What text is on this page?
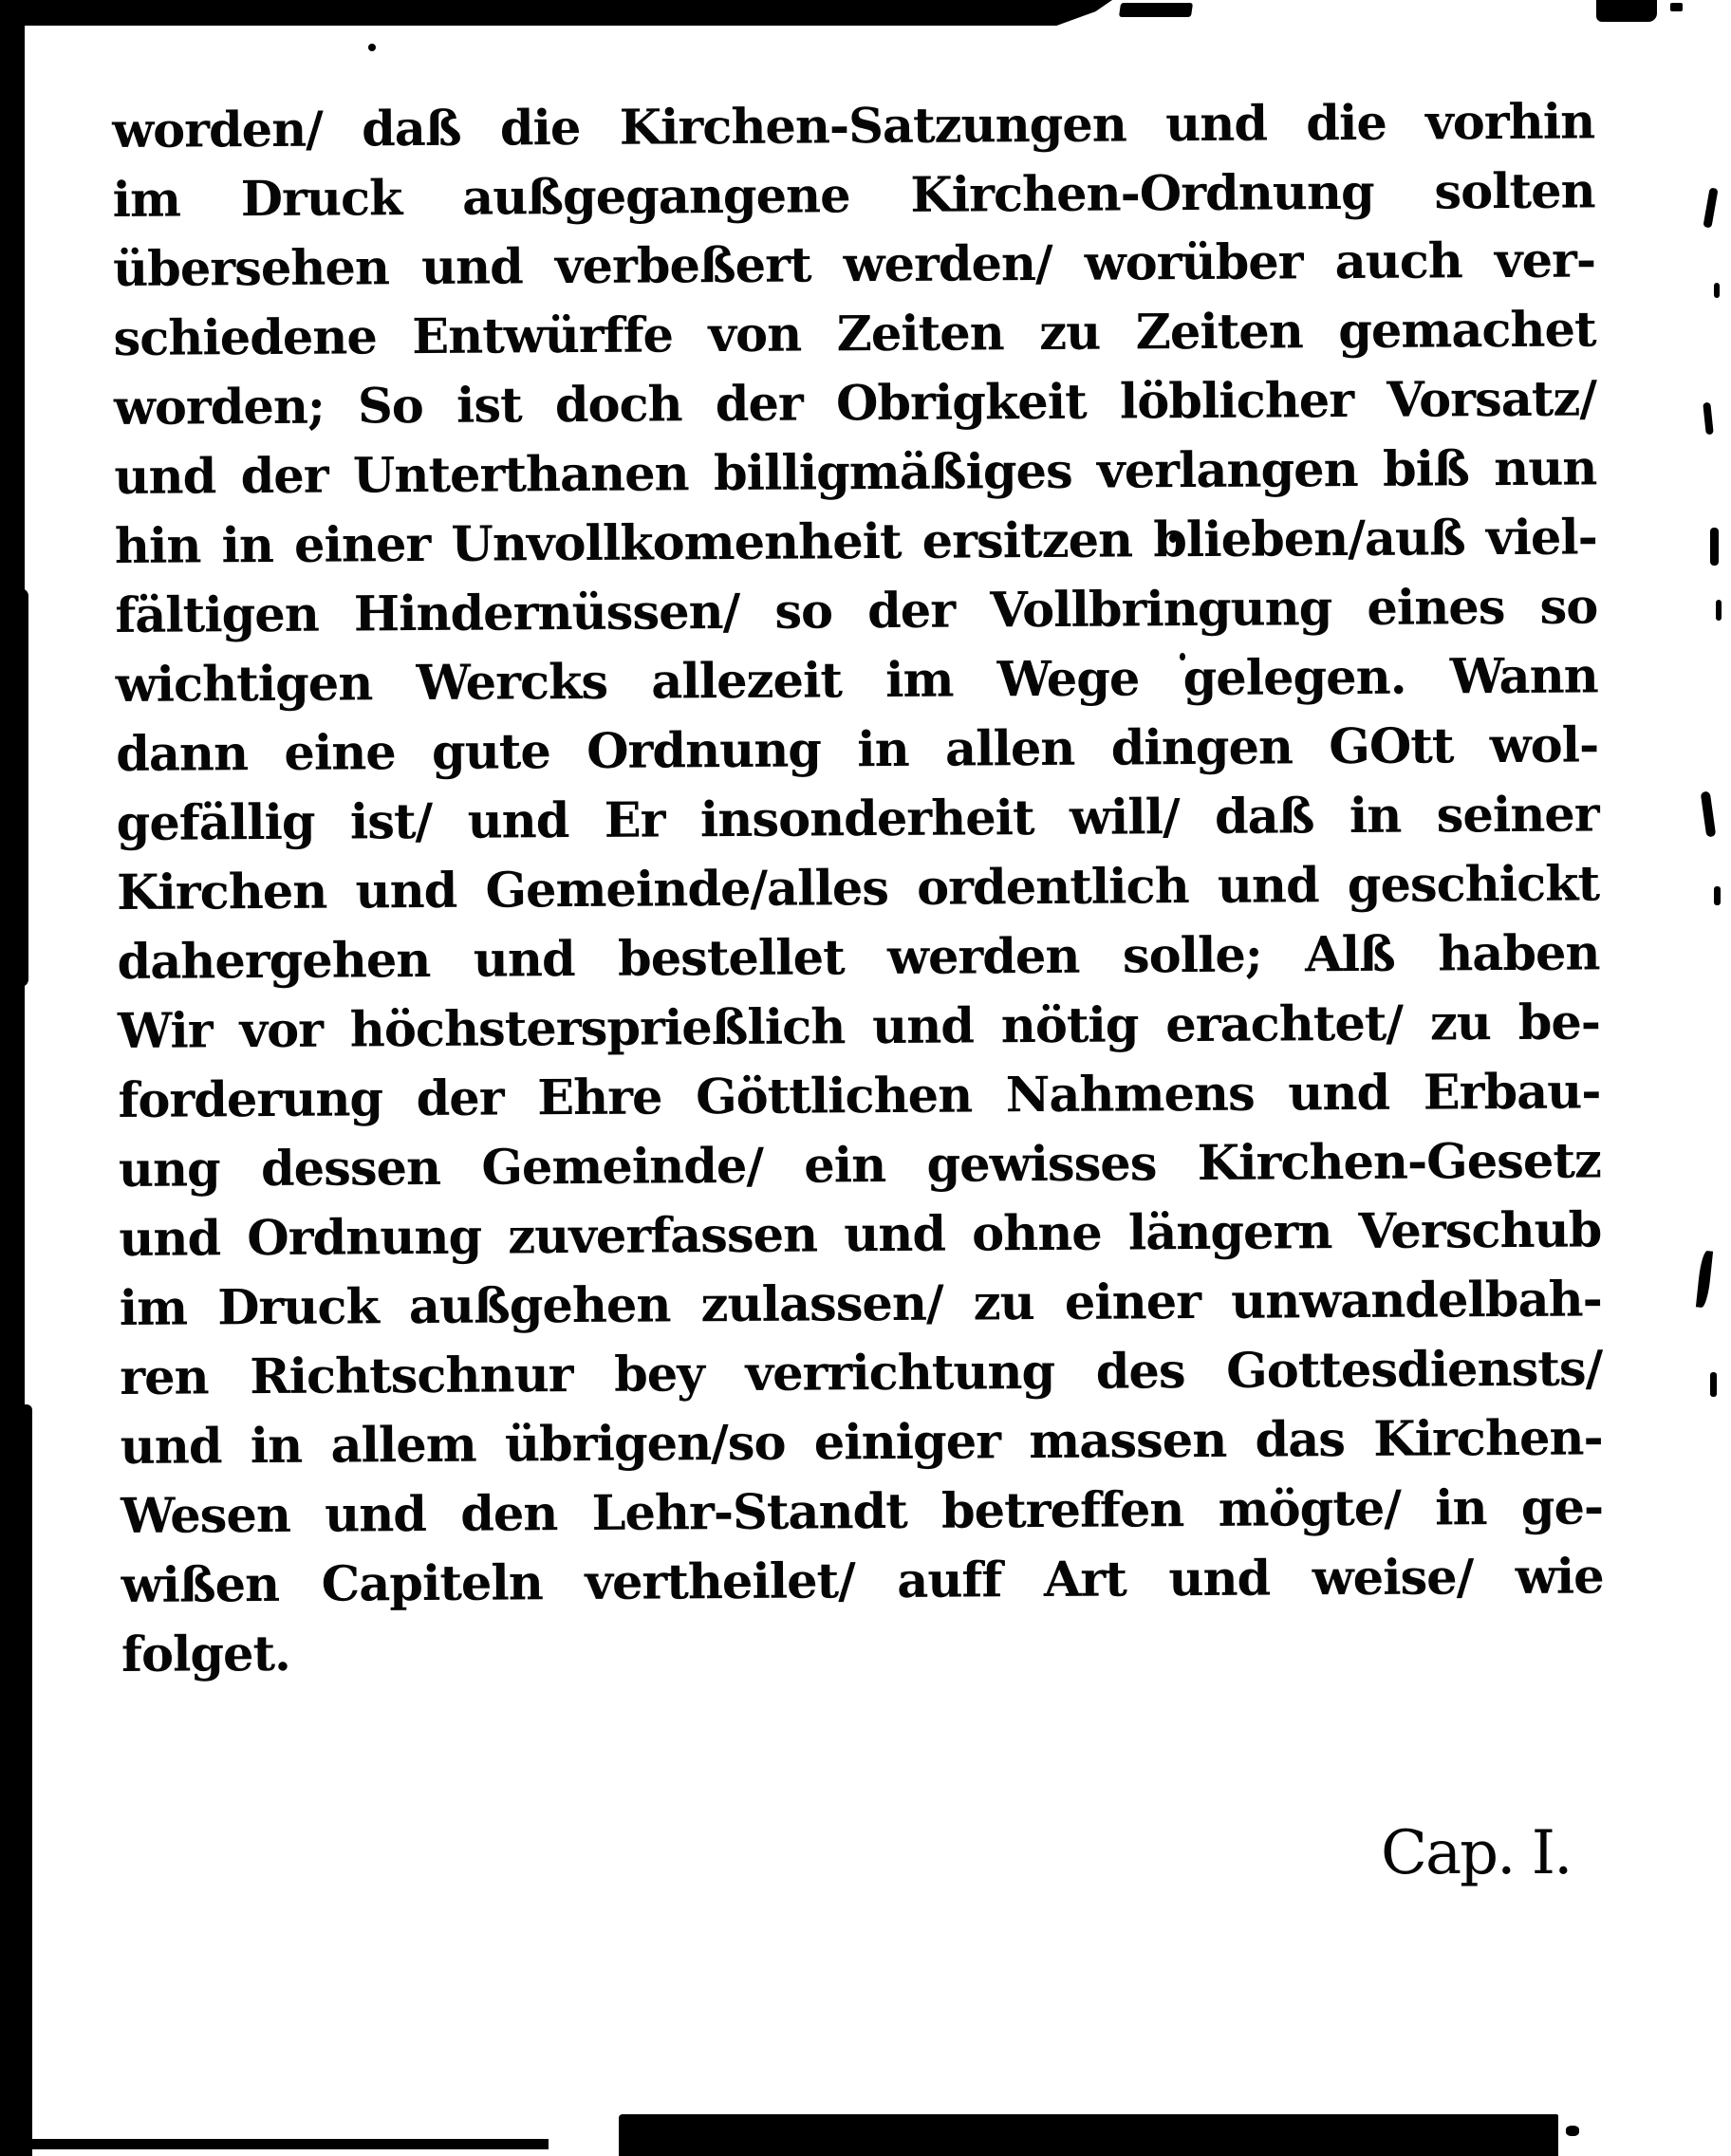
worden/ daß die Kirchen-Satzungen und die vorhin
im Druck außgegangene Kirchen-Ordnung solten
übersehen und verbeßert werden/ worüber auch ver-
schiedene Entwürffe von Zeiten zu Zeiten gemachet
worden; So ist doch der Obrigkeit löblicher Vorsatz/
und der Unterthanen billigmäßiges verlangen biß nun
hin in einer Unvollkomenheit ersitzen blieben/auß viel-
fältigen Hindernüssen/ so der Vollbringung eines so
wichtigen Wercks allezeit im Wege gelegen. Wann
dann eine gute Ordnung in allen dingen GOtt wol-
gefällig ist/ und Er insonderheit will/ daß in seiner
Kirchen und Gemeinde/alles ordentlich und geschickt
dahergehen und bestellet werden solle; Alß haben
Wir vor höchstersprießlich und nötig erachtet/ zu be-
forderung der Ehre Göttlichen Nahmens und Erbau-
ung dessen Gemeinde/ ein gewisses Kirchen-Gesetz
und Ordnung zuverfassen und ohne längern Verschub
im Druck außgehen zulassen/ zu einer unwandelbah-
ren Richtschnur bey verrichtung des Gottesdiensts/
und in allem übrigen/so einiger massen das Kirchen-
Wesen und den Lehr-Standt betreffen mögte/ in ge-
wißen Capiteln vertheilet/ auff Art und weise/ wie
folget.
Cap. I.
